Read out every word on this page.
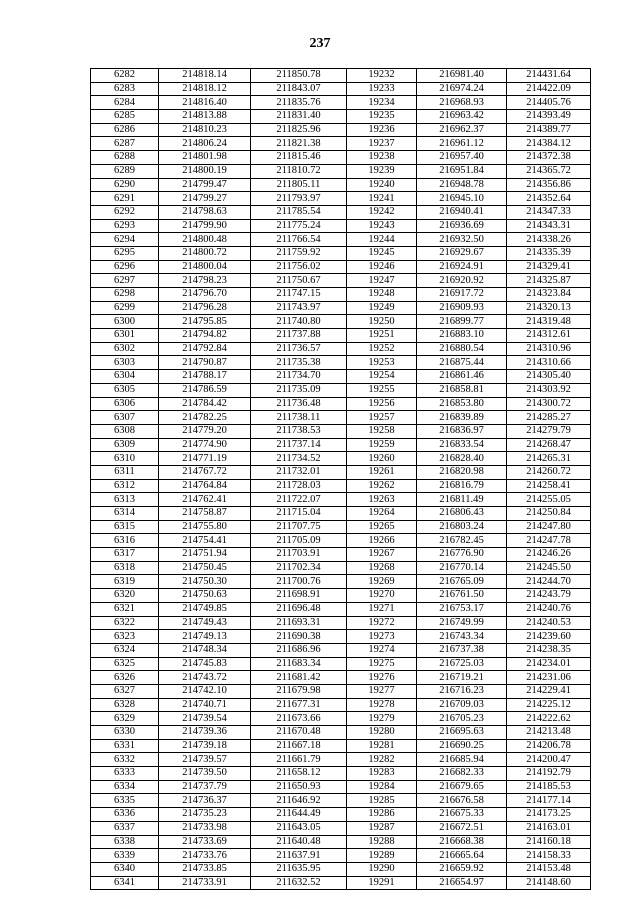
237
6282	214818.14	211850.78	19232	216981.40	214431.64
6283	214818.12	211843.07	19233	216974.24	214422.09
6284	214816.40	211835.76	19234	216968.93	214405.76
6285	214813.88	211831.40	19235	216963.42	214393.49
6286	214810.23	211825.96	19236	216962.37	214389.77
6287	214806.24	211821.38	19237	216961.12	214384.12
6288	214801.98	211815.46	19238	216957.40	214372.38
6289	214800.19	211810.72	19239	216951.84	214365.72
6290	214799.47	211805.11	19240	216948.78	214356.86
6291	214799.27	211793.97	19241	216945.10	214352.64
6292	214798.63	211785.54	19242	216940.41	214347.33
6293	214799.90	211775.24	19243	216936.69	214343.31
6294	214800.48	211766.54	19244	216932.50	214338.26
6295	214800.72	211759.92	19245	216929.67	214335.39
6296	214800.04	211756.02	19246	216924.91	214329.41
6297	214798.23	211750.67	19247	216920.92	214325.87
6298	214796.70	211747.15	19248	216917.72	214323.84
6299	214796.28	211743.97	19249	216909.93	214320.13
6300	214795.85	211740.80	19250	216899.77	214319.48
6301	214794.82	211737.88	19251	216883.10	214312.61
6302	214792.84	211736.57	19252	216880.54	214310.96
6303	214790.87	211735.38	19253	216875.44	214310.66
6304	214788.17	211734.70	19254	216861.46	214305.40
6305	214786.59	211735.09	19255	216858.81	214303.92
6306	214784.42	211736.48	19256	216853.80	214300.72
6307	214782.25	211738.11	19257	216839.89	214285.27
6308	214779.20	211738.53	19258	216836.97	214279.79
6309	214774.90	211737.14	19259	216833.54	214268.47
6310	214771.19	211734.52	19260	216828.40	214265.31
6311	214767.72	211732.01	19261	216820.98	214260.72
6312	214764.84	211728.03	19262	216816.79	214258.41
6313	214762.41	211722.07	19263	216811.49	214255.05
6314	214758.87	211715.04	19264	216806.43	214250.84
6315	214755.80	211707.75	19265	216803.24	214247.80
6316	214754.41	211705.09	19266	216782.45	214247.78
6317	214751.94	211703.91	19267	216776.90	214246.26
6318	214750.45	211702.34	19268	216770.14	214245.50
6319	214750.30	211700.76	19269	216765.09	214244.70
6320	214750.63	211698.91	19270	216761.50	214243.79
6321	214749.85	211696.48	19271	216753.17	214240.76
6322	214749.43	211693.31	19272	216749.99	214240.53
6323	214749.13	211690.38	19273	216743.34	214239.60
6324	214748.34	211686.96	19274	216737.38	214238.35
6325	214745.83	211683.34	19275	216725.03	214234.01
6326	214743.72	211681.42	19276	216719.21	214231.06
6327	214742.10	211679.98	19277	216716.23	214229.41
6328	214740.71	211677.31	19278	216709.03	214225.12
6329	214739.54	211673.66	19279	216705.23	214222.62
6330	214739.36	211670.48	19280	216695.63	214213.48
6331	214739.18	211667.18	19281	216690.25	214206.78
6332	214739.57	211661.79	19282	216685.94	214200.47
6333	214739.50	211658.12	19283	216682.33	214192.79
6334	214737.79	211650.93	19284	216679.65	214185.53
6335	214736.37	211646.92	19285	216676.58	214177.14
6336	214735.23	211644.49	19286	216675.33	214173.25
6337	214733.98	211643.05	19287	216672.51	214163.01
6338	214733.69	211640.48	19288	216668.38	214160.18
6339	214733.76	211637.91	19289	216665.64	214158.33
6340	214733.85	211635.95	19290	216659.92	214153.48
6341	214733.91	211632.52	19291	216654.97	214148.60
